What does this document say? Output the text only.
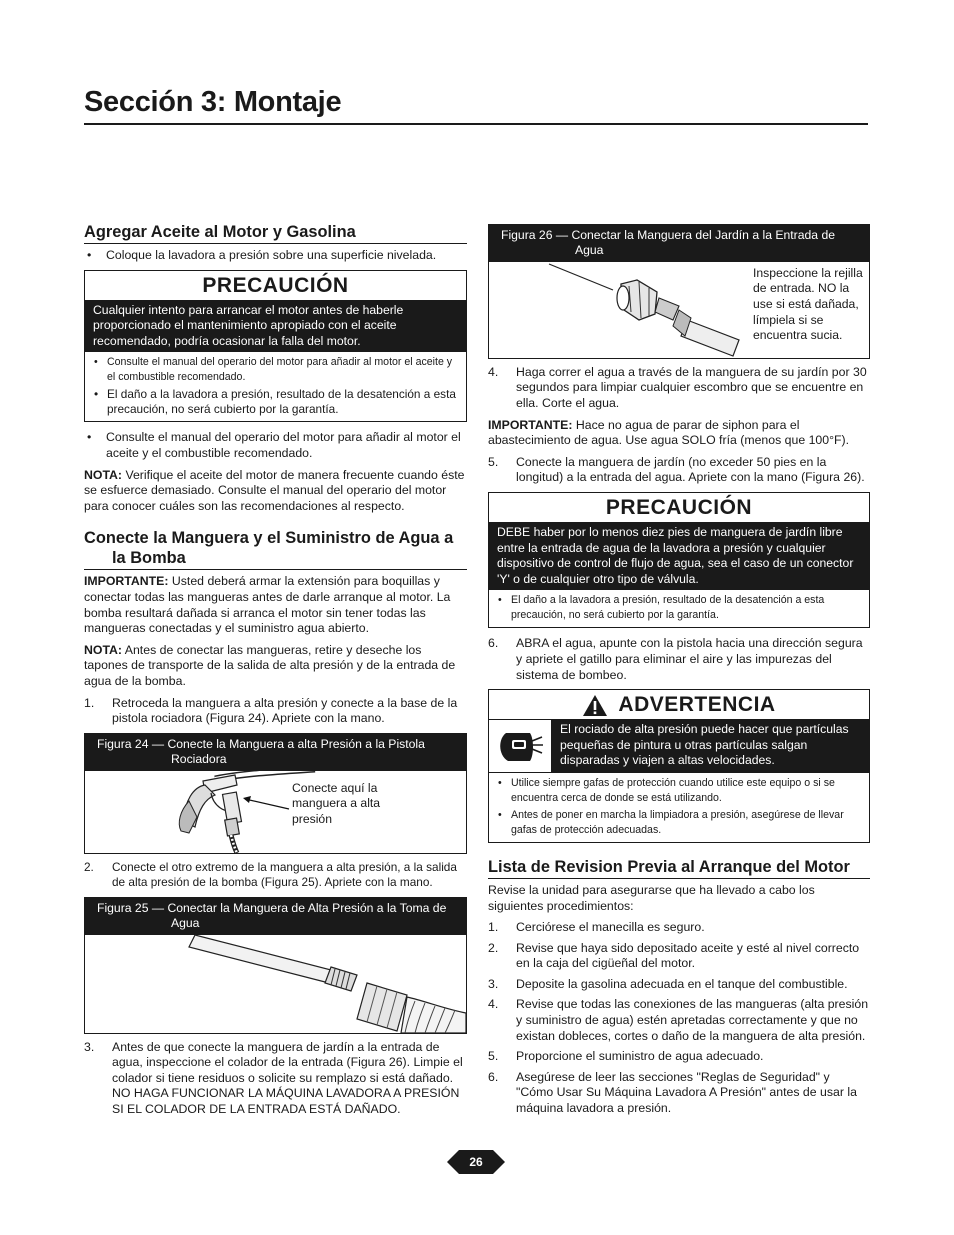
Sección 3: Montaje
Agregar Aceite al Motor y Gasolina
• Coloque la lavadora a presión sobre una superficie nivelada.
PRECAUCIÓN
Cualquier intento para arrancar el motor antes de haberle proporcionado el mantenimiento apropiado con el aceite recomendado, podría ocasionar la falla del motor.
• Consulte el manual del operario del motor para añadir al motor el aceite y el combustible recomendado.
• El daño a la lavadora a presión, resultado de la desatención a esta precaución, no será cubierto por la garantía.
• Consulte el manual del operario del motor para añadir al motor el aceite y el combustible recomendado.

NOTA: Verifique el aceite del motor de manera frecuente cuando éste se esfuerce demasiado. Consulte el manual del operario del motor para conocer cuáles son las recomendaciones al respecto.

Conecte la Manguera y el Suministro de Agua a la Bomba

IMPORTANTE: Usted deberá armar la extensión para boquillas y conectar todas las mangueras antes de darle arranque al motor. La bomba resultará dañada si arranca el motor sin tener todas las mangueras conectadas y el suministro agua abierto.

NOTA: Antes de conectar las mangueras, retire y deseche los tapones de transporte de la salida de alta presión y de la entrada de agua de la bomba.

1. Retroceda la manguera a alta presión y conecte a la base de la pistola rociadora (Figura 24). Apriete con la mano.
Figura 24 — Conecte la Manguera a alta Presión a la Pistola Rociadora
Conecte aquí la manguera a alta presión
2. Conecte el otro extremo de la manguera a alta presión, a la salida de alta presión de la bomba (Figura 25). Apriete con la mano.
Figura 25 — Conectar la Manguera de Alta Presión a la Toma de Agua
3. Antes de que conecte la manguera de jardín a la entrada de agua, inspeccione el colador de la entrada (Figura 26). Limpie el colador si tiene residuos o solicite su remplazo si está dañado. NO HAGA FUNCIONAR LA MÁQUINA LAVADORA A PRESIÓN SI EL COLADOR DE LA ENTRADA ESTÁ DAÑADO.
Figura 26 — Conectar la Manguera del Jardín a la Entrada de Agua
Inspeccione la rejilla de entrada. NO la use si está dañada, límpiela si se encuentra sucia.
4. Haga correr el agua a través de la manguera de su jardín por 30 segundos para limpiar cualquier escombro que se encuentre en ella. Corte el agua.

IMPORTANTE: Hace no agua de parar de siphon para el abastecimiento de agua. Use agua SOLO fría (menos que 100°F).

5. Conecte la manguera de jardín (no exceder 50 pies en la longitud) a la entrada del agua. Apriete con la mano (Figura 26).
PRECAUCIÓN
DEBE haber por lo menos diez pies de manguera de jardín libre entre la entrada de agua de la lavadora a presión y cualquier dispositivo de control de flujo de agua, sea el caso de un conector 'Y' o de cualquier otro tipo de válvula.
• El daño a la lavadora a presión, resultado de la desatención a esta precaución, no será cubierto por la garantía.
6. ABRA el agua, apunte con la pistola hacia una dirección segura y apriete el gatillo para eliminar el aire y las impurezas del sistema de bombeo.
ADVERTENCIA
El rociado de alta presión puede hacer que partículas pequeñas de pintura u otras partículas salgan disparadas y viajen a altas velocidades.
• Utilice siempre gafas de protección cuando utilice este equipo o si se encuentra cerca de donde se está utilizando.
• Antes de poner en marcha la limpiadora a presión, asegúrese de llevar gafas de protección adecuadas.
Lista de Revision Previa al Arranque del Motor

Revise la unidad para asegurarse que ha llevado a cabo los siguientes procedimientos:

1. Cerciórese el manecilla es seguro.
2. Revise que haya sido depositado aceite y esté al nivel correcto en la caja del cigüeñal del motor.
3. Deposite la gasolina adecuada en el tanque del combustible.
4. Revise que todas las conexiones de las mangueras (alta presión y suministro de agua) estén apretadas correctamente y que no existan dobleces, cortes o daño de la manguera de alta presión.
5. Proporcione el suministro de agua adecuado.
6. Asegúrese de leer las secciones "Reglas de Seguridad" y "Cómo Usar Su Máquina Lavadora A Presión" antes de usar la máquina lavadora a presión.
26
